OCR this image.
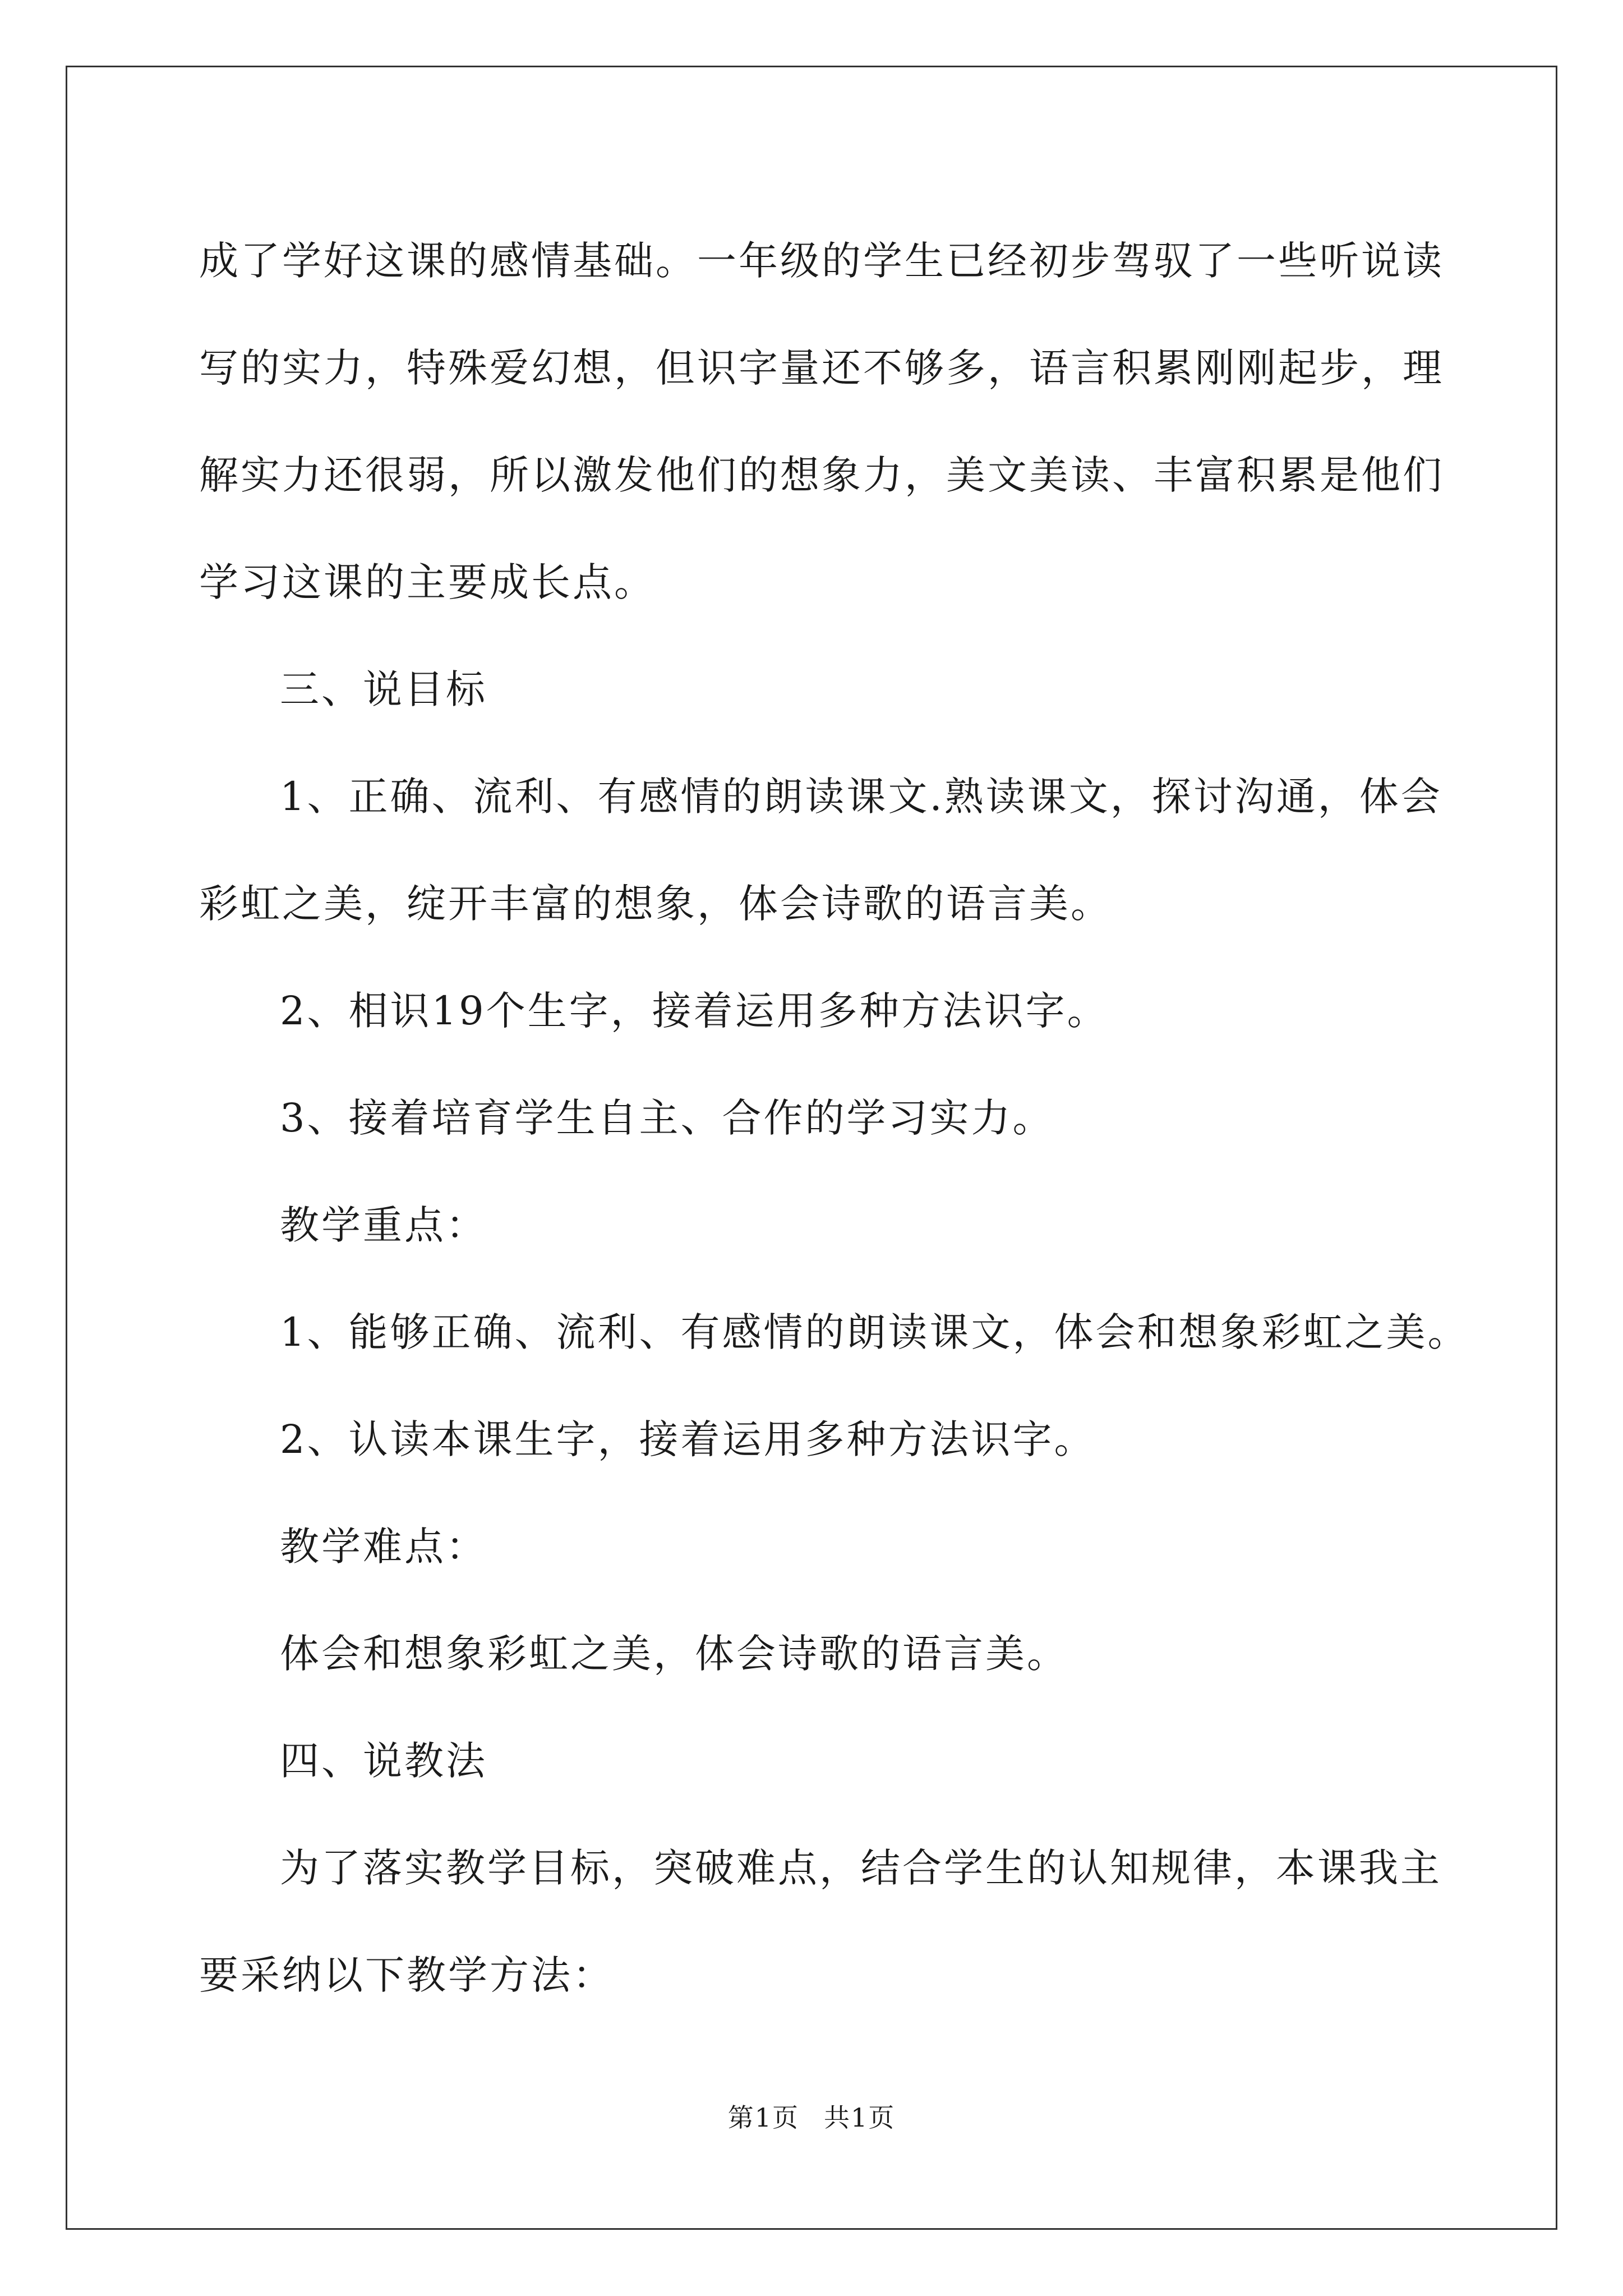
成了学好这课的感情基础。一年级的学生已经初步驾驭了一些听说读
写的实力，特殊爱幻想，但识字量还不够多，语言积累刚刚起步，理
解实力还很弱，所以激发他们的想象力，美文美读、丰富积累是他们
学习这课的主要成长点。
三、说目标
1、正确、流利、有感情的朗读课文.熟读课文，探讨沟通，体会
彩虹之美，绽开丰富的想象，体会诗歌的语言美。
2、相识19个生字，接着运用多种方法识字。
3、接着培育学生自主、合作的学习实力。
教学重点：
1、能够正确、流利、有感情的朗读课文，体会和想象彩虹之美。
2、认读本课生字，接着运用多种方法识字。
教学难点：
体会和想象彩虹之美，体会诗歌的语言美。
四、说教法
为了落实教学目标，突破难点，结合学生的认知规律，本课我主
要采纳以下教学方法：
第1页 共1页
